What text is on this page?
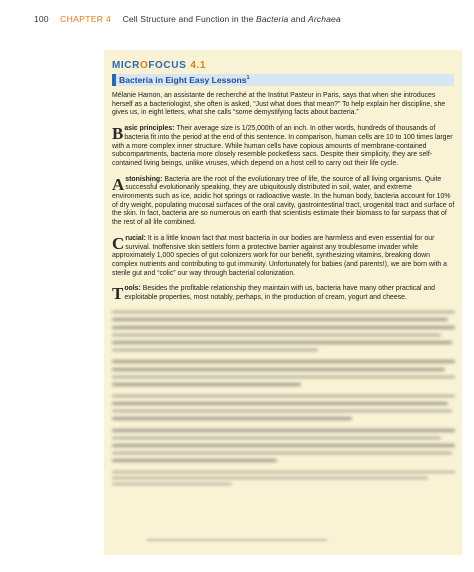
100 CHAPTER 4 Cell Structure and Function in the Bacteria and Archaea
MICROFOCUS 4.1
Bacteria in Eight Easy Lessons$^1$

Mélanie Hamon, an assistante de recherché at the Institut Pasteur in Paris, says that when she introduces herself as a bacteriologist, she often is asked, “Just what does that mean?” To help explain her discipline, she gives us, in eight letters, what she calls “some demystifying facts about bacteria.”

Basic principles: Their average size is 1/25,000th of an inch. In other words, hundreds of thousands of bacteria fit into the period at the end of this sentence. In comparison, human cells are 10 to 100 times larger with a more complex inner structure. While human cells have copious amounts of membrane-contained subcompartments, bacteria more closely resemble pocketless sacs. Despite their simplicity, they are self-contained living beings, unlike viruses, which depend on a host cell to carry out their life cycle.
Astonishing: Bacteria are the root of the evolutionary tree of life, the source of all living organisms. Quite successful evolutionarily speaking, they are ubiquitously distributed in soil, water, and extreme environments such as ice, acidic hot springs or radioactive waste. In the human body, bacteria account for 10% of dry weight, populating mucosal surfaces of the oral cavity, gastrointestinal tract, urogenital tract and surface of the skin. In fact, bacteria are so numerous on earth that scientists estimate their biomass to far surpass that of the rest of all life combined.
Crucial: It is a little known fact that most bacteria in our bodies are harmless and even essential for our survival. Inoffensive skin settlers form a protective barrier against any troublesome invader while approximately 1,000 species of gut colonizers work for our benefit, synthesizing vitamins, breaking down complex nutrients and contributing to gut immunity. Unfortunately for babies (and parents!), we are born with a sterile gut and “colic” our way through bacterial colonization.
Tools: Besides the profitable relationship they maintain with us, bacteria have many other practical and exploitable properties, most notably, perhaps, in the production of cream, yogurt and cheese.
